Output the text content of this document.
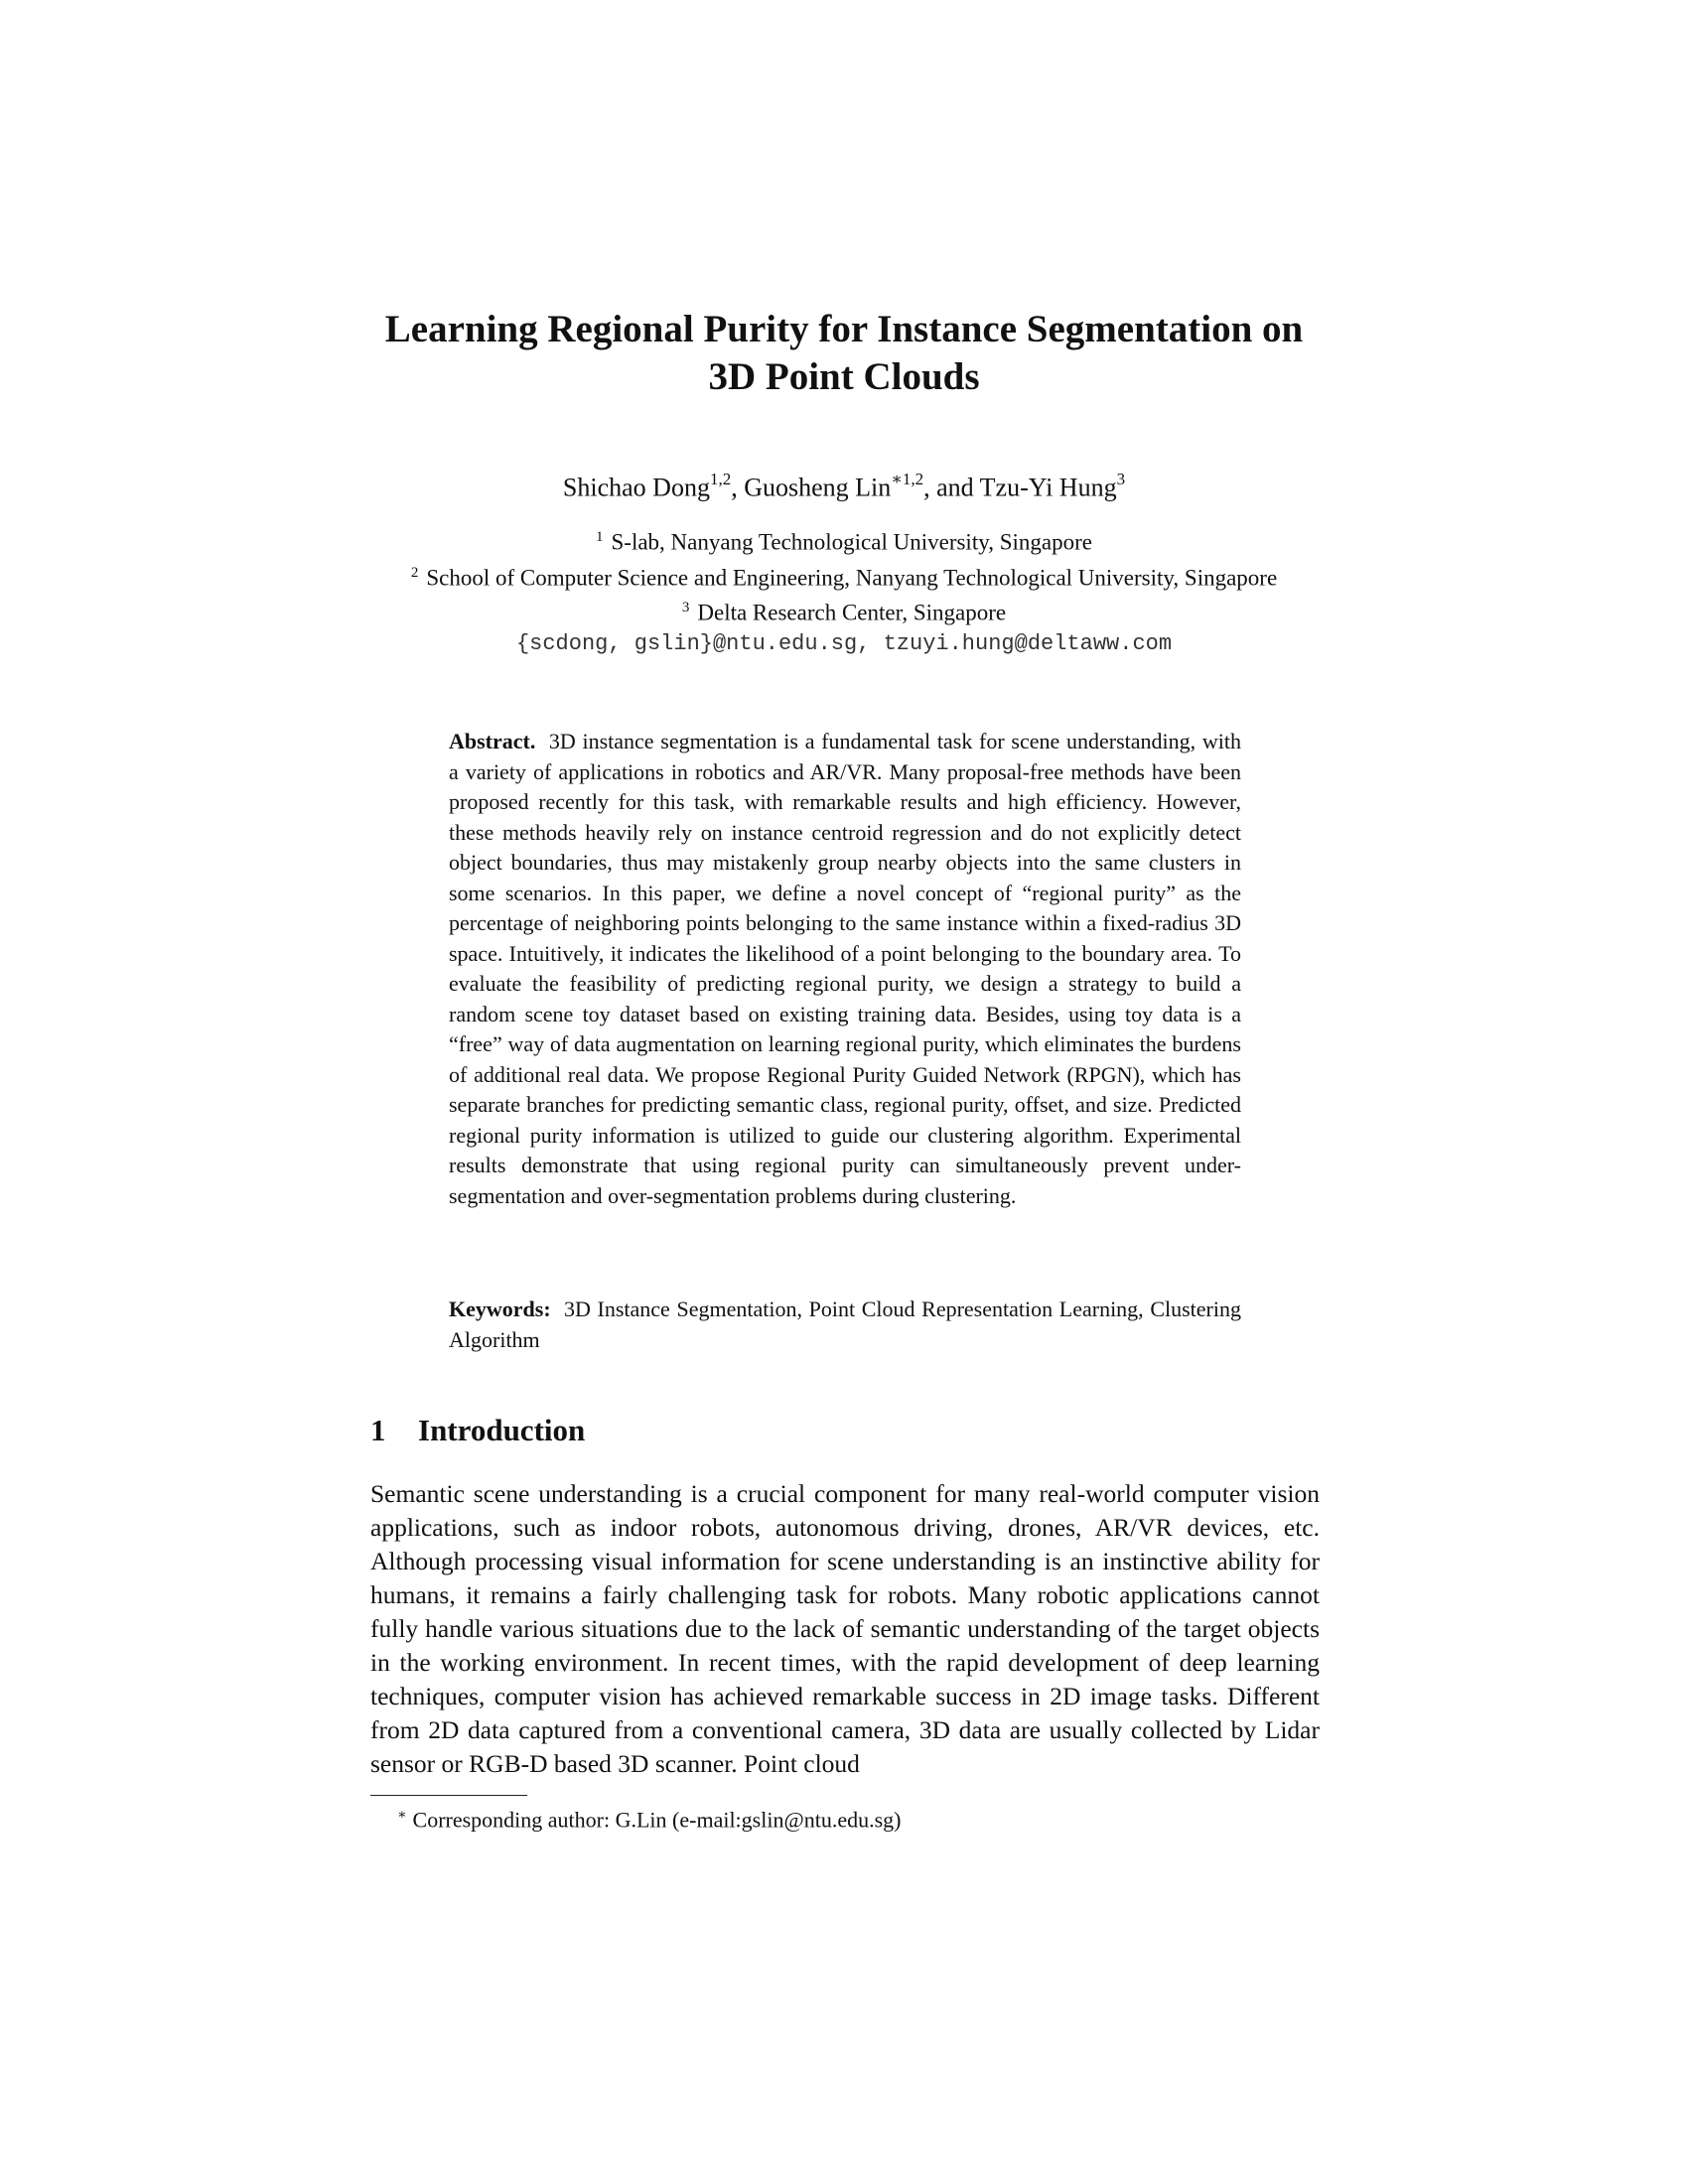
Learning Regional Purity for Instance Segmentation on
3D Point Clouds
Shichao Dong$^{1,2}$, Guosheng Lin$^{∗1,2}$, and Tzu-Yi Hung$^3$
$^1$ S-lab, Nanyang Technological University, Singapore
$^2$ School of Computer Science and Engineering, Nanyang Technological University, Singapore
$^3$ Delta Research Center, Singapore
{scdong, gslin}@ntu.edu.sg, tzuyi.hung@deltaww.com
Abstract. 3D instance segmentation is a fundamental task for scene understanding, with a variety of applications in robotics and AR/VR. Many proposal-free methods have been proposed recently for this task, with remarkable results and high efficiency. However, these methods heavily rely on instance centroid regression and do not explicitly detect object boundaries, thus may mistakenly group nearby objects into the same clusters in some scenarios. In this paper, we define a novel concept of “regional purity” as the percentage of neighboring points belonging to the same instance within a fixed-radius 3D space. Intuitively, it indicates the likelihood of a point belonging to the boundary area. To evaluate the feasibility of predicting regional purity, we design a strategy to build a random scene toy dataset based on existing training data. Besides, using toy data is a “free” way of data augmentation on learning regional purity, which eliminates the burdens of additional real data. We propose Regional Purity Guided Network (RPGN), which has separate branches for predicting semantic class, regional purity, offset, and size. Predicted regional purity information is utilized to guide our clustering algorithm. Experimental results demonstrate that using regional purity can simultaneously prevent under-segmentation and over-segmentation problems during clustering.
Keywords: 3D Instance Segmentation, Point Cloud Representation Learning, Clustering Algorithm
1 Introduction
Semantic scene understanding is a crucial component for many real-world computer vision applications, such as indoor robots, autonomous driving, drones, AR/VR devices, etc. Although processing visual information for scene understanding is an instinctive ability for humans, it remains a fairly challenging task for robots. Many robotic applications cannot fully handle various situations due to the lack of semantic understanding of the target objects in the working environment. In recent times, with the rapid development of deep learning techniques, computer vision has achieved remarkable success in 2D image tasks. Different from 2D data captured from a conventional camera, 3D data are usually collected by Lidar sensor or RGB-D based 3D scanner. Point cloud
∗ Corresponding author: G.Lin (e-mail:gslin@ntu.edu.sg)
